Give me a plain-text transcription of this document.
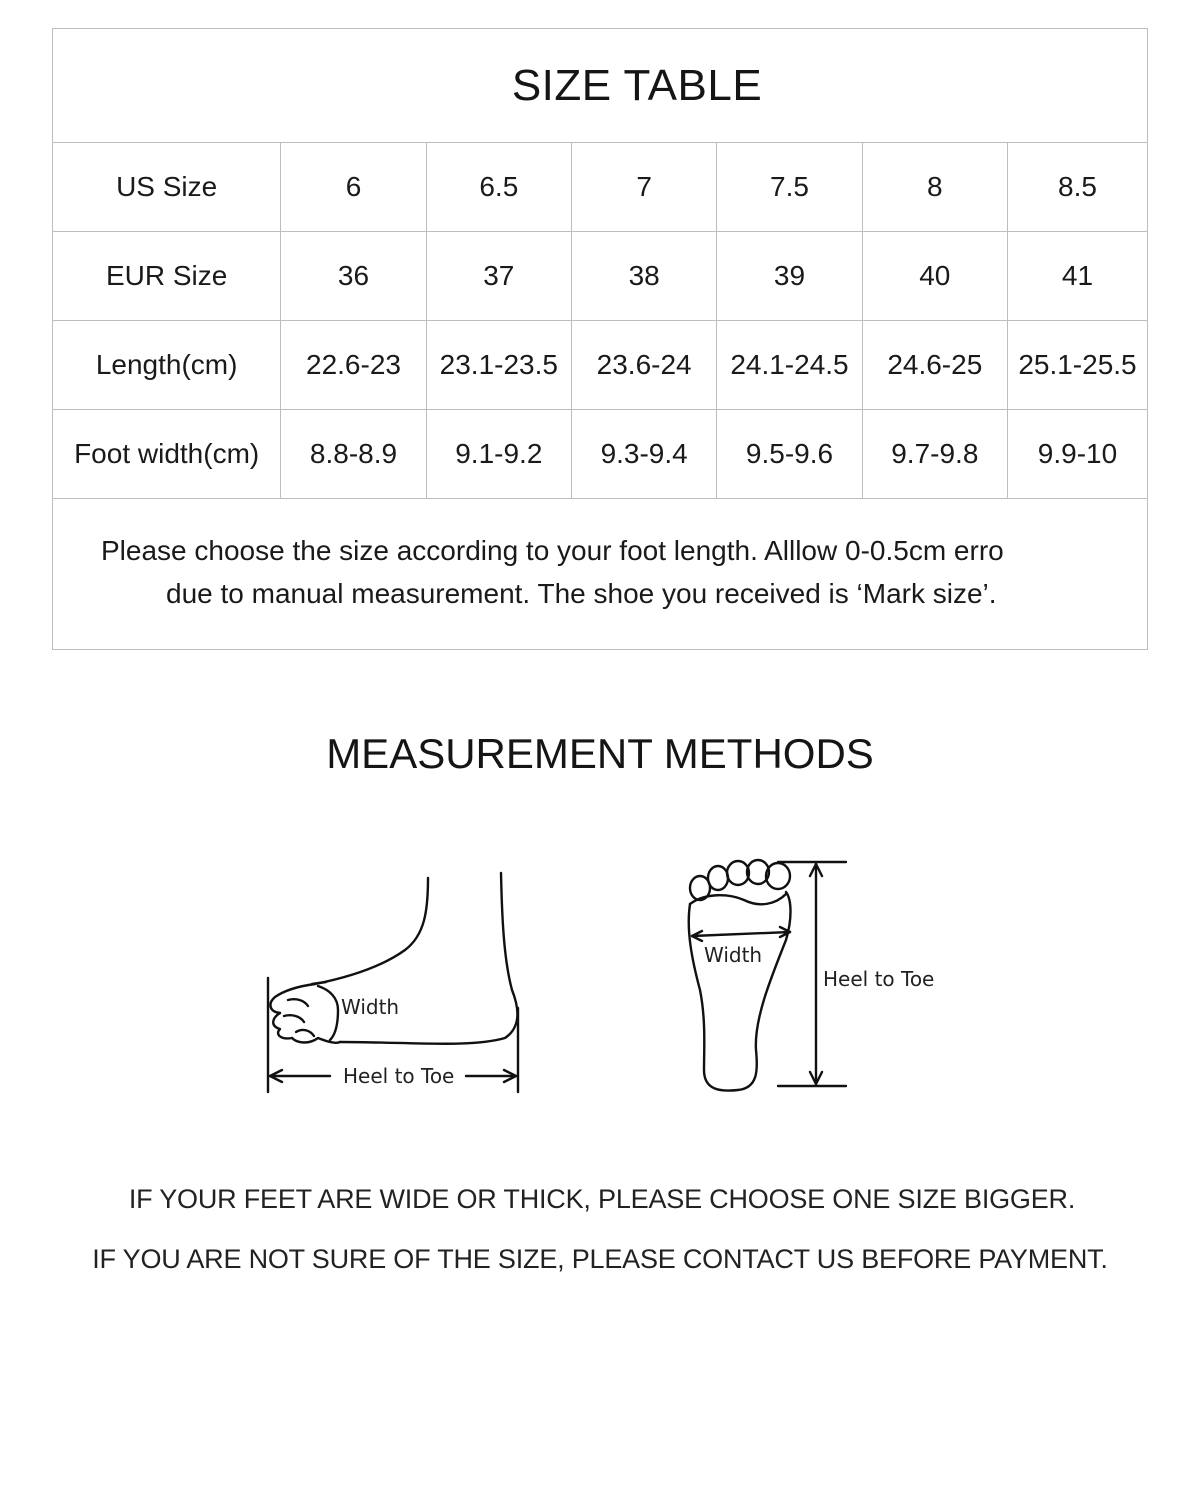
SIZE TABLE
US Size	6	6.5	7	7.5	8	8.5
EUR Size	36	37	38	39	40	41
Length(cm)	22.6-23	23.1-23.5	23.6-24	24.1-24.5	24.6-25	25.1-25.5
Foot width(cm)	8.8-8.9	9.1-9.2	9.3-9.4	9.5-9.6	9.7-9.8	9.9-10
Please choose the size according to your foot length. Alllow 0-0.5cm erro
due to manual measurement. The shoe you received is ‘Mark size’.
MEASUREMENT METHODS
Width
Heel to Toe
Width
Heel to Toe
IF YOUR FEET ARE WIDE OR THICK, PLEASE CHOOSE ONE SIZE BIGGER.
IF YOU ARE NOT SURE OF THE SIZE, PLEASE CONTACT US BEFORE PAYMENT.
